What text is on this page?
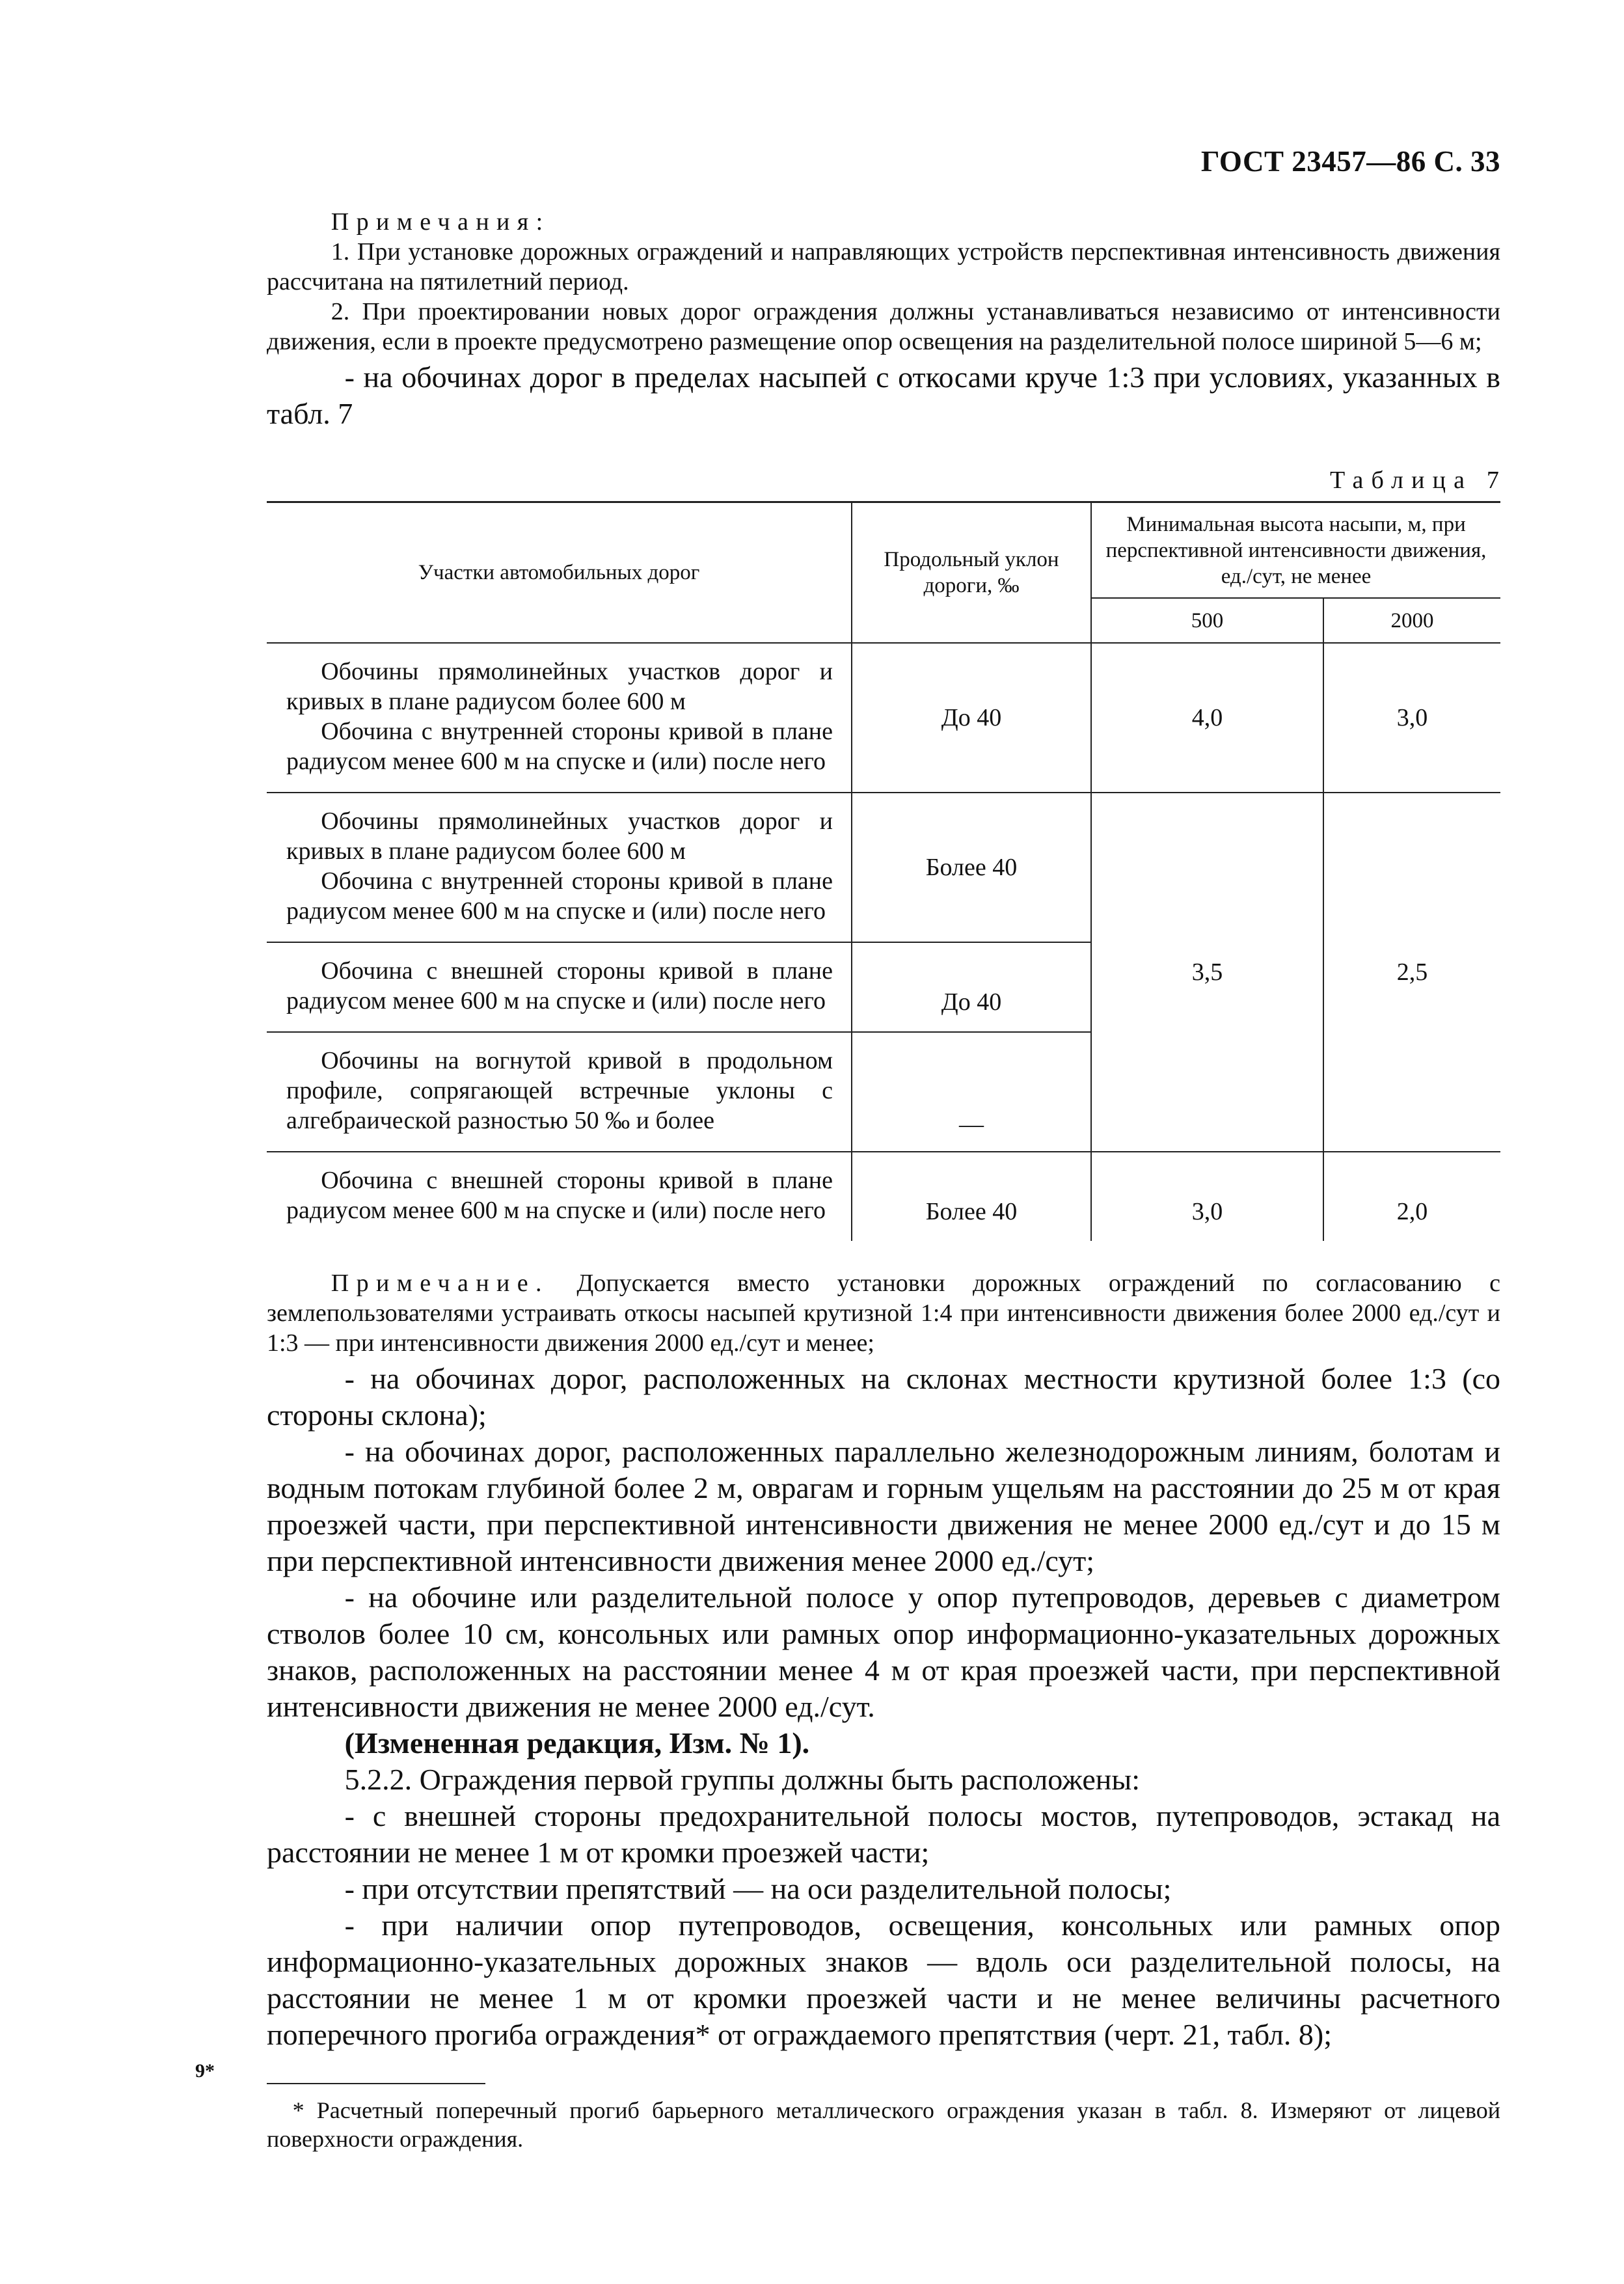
ГОСТ 23457—86 С. 33

Примечания:

1. При установке дорожных ограждений и направляющих устройств перспективная интенсивность движения рассчитана на пятилетний период.

2. При проектировании новых дорог ограждения должны устанавливаться независимо от интенсивности движения, если в проекте предусмотрено размещение опор освещения на разделительной полосе шириной 5—6 м;

- на обочинах дорог в пределах насыпей с откосами круче 1:3 при условиях, указанных в табл. 7

Таблица 7
Участки автомобильных дорог	Продольный уклон дороги, ‰	Минимальная высота насыпи, м, при перспективной интенсивности движения, ед./сут, не менее	
		500	2000
Обочины прямолинейных участков дорог и кривых в плане радиусом более 600 м
Обочина с внутренней стороны кривой в плане радиусом менее 600 м на спуске и (или) после него	До 40	4,0	3,0
Обочины прямолинейных участков дорог и кривых в плане радиусом более 600 м
Обочина с внутренней стороны кривой в плане радиусом менее 600 м на спуске и (или) после него	Более 40	3,5	2,5
Обочина с внешней стороны кривой в плане радиусом менее 600 м на спуске и (или) после него	До 40		
Обочины на вогнутой кривой в продольном профиле, сопрягающей встречные уклоны с алгебраической разностью 50 ‰ и более	—		
Обочина с внешней стороны кривой в плане радиусом менее 600 м на спуске и (или) после него	Более 40	3,0	2,0

Примечание. Допускается вместо установки дорожных ограждений по согласованию с землепользователями устраивать откосы насыпей крутизной 1:4 при интенсивности движения более 2000 ед./сут и 1:3 — при интенсивности движения 2000 ед./сут и менее;

- на обочинах дорог, расположенных на склонах местности крутизной более 1:3 (со стороны склона);

- на обочинах дорог, расположенных параллельно железнодорожным линиям, болотам и водным потокам глубиной более 2 м, оврагам и горным ущельям на расстоянии до 25 м от края проезжей части, при перспективной интенсивности движения не менее 2000 ед./сут и до 15 м при перспективной интенсивности движения менее 2000 ед./сут;

- на обочине или разделительной полосе у опор путепроводов, деревьев с диаметром стволов более 10 см, консольных или рамных опор информационно-указательных дорожных знаков, расположенных на расстоянии менее 4 м от края проезжей части, при перспективной интенсивности движения не менее 2000 ед./сут.

(Измененная редакция, Изм. № 1).

5.2.2. Ограждения первой группы должны быть расположены:

- с внешней стороны предохранительной полосы мостов, путепроводов, эстакад на расстоянии не менее 1 м от кромки проезжей части;

- при отсутствии препятствий — на оси разделительной полосы;

- при наличии опор путепроводов, освещения, консольных или рамных опор информационно-указательных дорожных знаков — вдоль оси разделительной полосы, на расстоянии не менее 1 м от кромки проезжей части и не менее величины расчетного поперечного прогиба ограждения* от ограждаемого препятствия (черт. 21, табл. 8);

* Расчетный поперечный прогиб барьерного металлического ограждения указан в табл. 8. Измеряют от лицевой поверхности ограждения.

9*
